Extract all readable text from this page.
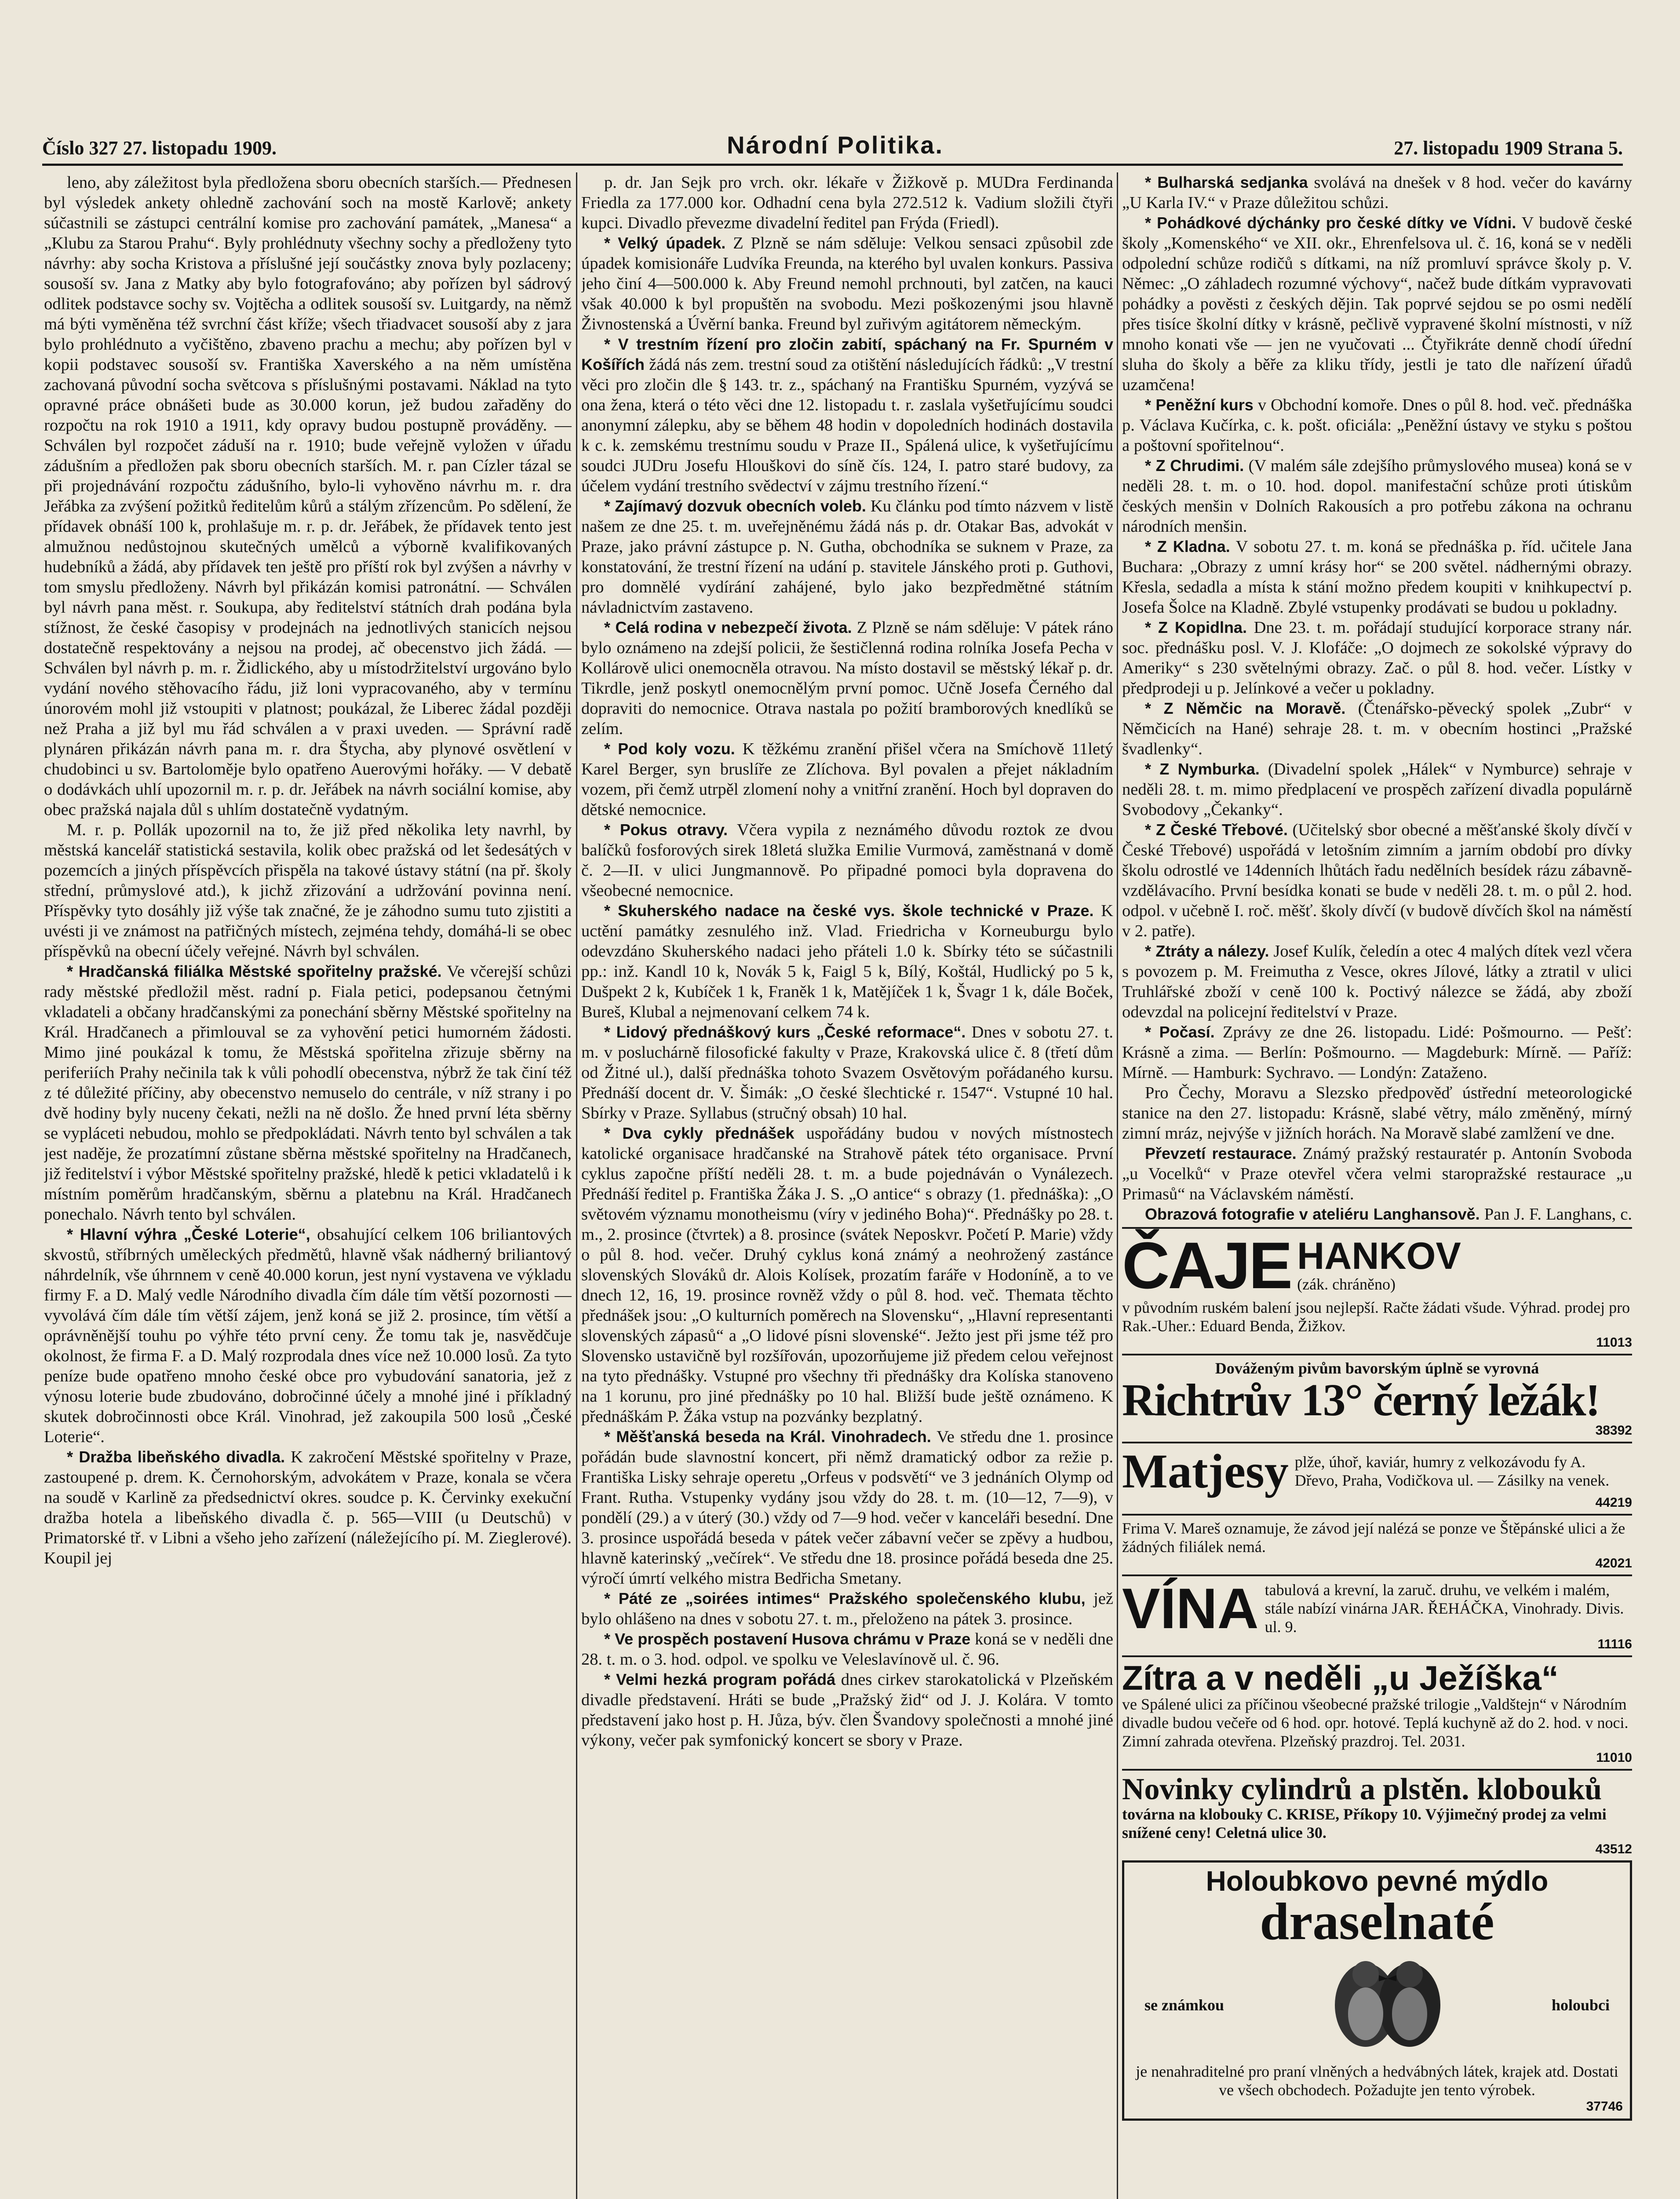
Číslo 327 27. listopadu 1909.	Národní Politika.	27. listopadu 1909 Strana 5.

leno, aby záležitost byla předložena sboru obecních starších.— Přednesen byl výsledek ankety ohledně zachování soch na mostě Karlově; ankety súčastnili se zástupci centrální komise pro zachování památek, „Manesa“ a „Klubu za Starou Prahu“. Byly prohlédnuty všechny sochy a předloženy tyto návrhy: aby socha Kristova a příslušné její součástky znova byly pozlaceny; sousoší sv. Jana z Matky aby bylo fotografováno; aby pořízen byl sádrový odlitek podstavce sochy sv. Vojtěcha a odlitek sousoší sv. Luitgardy, na němž má býti vyměněna též svrchní část kříže; všech třiadvacet sousoší aby z jara bylo prohlédnuto a vyčištěno, zbaveno prachu a mechu; aby pořízen byl v kopii podstavec sousoší sv. Františka Xaverského a na něm umístěna zachovaná původní socha světcova s příslušnými postavami. Náklad na tyto opravné práce obnášeti bude as 30.000 korun, jež budou zařaděny do rozpočtu na rok 1910 a 1911, kdy opravy budou postupně prováděny. — Schválen byl rozpočet záduší na r. 1910; bude veřejně vyložen v úřadu zádušním a předložen pak sboru obecních starších. M. r. pan Cízler tázal se při projednávání rozpočtu zádušního, bylo-li vyhověno návrhu m. r. dra Jeřábka za zvýšení požitků ředitelům kůrů a stálým zřízencům. Po sdělení, že přídavek obnáší 100 k, prohlašuje m. r. p. dr. Jeřábek, že přídavek tento jest almužnou nedůstojnou skutečných umělců a výborně kvalifikovaných hudebníků a žádá, aby přídavek ten ještě pro příští rok byl zvýšen a návrhy v tom smyslu předloženy. Návrh byl přikázán komisi patronátní. — Schválen byl návrh pana měst. r. Soukupa, aby ředitelství státních drah podána byla stížnost, že české časopisy v prodejnách na jednotlivých stanicích nejsou dostatečně respektovány a nejsou na prodej, ač obecenstvo jich žádá. — Schválen byl návrh p. m. r. Židlického, aby u místodržitelství urgováno bylo vydání nového stěhovacího řádu, již loni vypracovaného, aby v termínu únorovém mohl již vstoupiti v platnost; poukázal, že Liberec žádal později než Praha a již byl mu řád schválen a v praxi uveden. — Správní radě plynáren přikázán návrh pana m. r. dra Štycha, aby plynové osvětlení v chudobinci u sv. Bartoloměje bylo opatřeno Auerovými hořáky. — V debatě o dodávkách uhlí upozornil m. r. p. dr. Jeřábek na návrh sociální komise, aby obec pražská najala důl s uhlím dostatečně vydatným.

M. r. p. Pollák upozornil na to, že již před několika lety navrhl, by městská kancelář statistická sestavila, kolik obec pražská od let šedesátých v pozemcích a jiných příspěvcích přispěla na takové ústavy státní (na př. školy střední, průmyslové atd.), k jichž zřizování a udržování povinna není. Příspěvky tyto dosáhly již výše tak značné, že je záhodno sumu tuto zjistiti a uvésti ji ve známost na patřičných místech, zejména tehdy, domáhá-li se obec příspěvků na obecní účely veřejné. Návrh byl schválen.

* Hradčanská filiálka Městské spořitelny pražské. Ve včerejší schůzi rady městské předložil měst. radní p. Fiala petici, podepsanou četnými vkladateli a občany hradčanskými za ponechání sběrny Městské spořitelny na Král. Hradčanech a přimlouval se za vyhovění petici humorném žádosti. Mimo jiné poukázal k tomu, že Městská spořitelna zřizuje sběrny na periferiích Prahy nečinila tak k vůli pohodlí obecenstva, nýbrž že tak činí též z té důležité příčiny, aby obecenstvo nemuselo do centrále, v níž strany i po dvě hodiny byly nuceny čekati, nežli na ně došlo. Že hned první léta sběrny se vypláceti nebudou, mohlo se předpokládati. Návrh tento byl schválen a tak jest naděje, že prozatímní zůstane sběrna městské spořitelny na Hradčanech, již ředitelství i výbor Městské spořitelny pražské, hledě k petici vkladatelů i k místním poměrům hradčanským, sběrnu a platebnu na Král. Hradčanech ponechalo. Návrh tento byl schválen.

* Hlavní výhra „České Loterie“, obsahující celkem 106 briliantových skvostů, stříbrných uměleckých předmětů, hlavně však nádherný briliantový náhrdelník, vše úhrnnem v ceně 40.000 korun, jest nyní vystavena ve výkladu firmy F. a D. Malý vedle Národního divadla čím dále tím větší pozornosti — vyvolává čím dále tím větší zájem, jenž koná se již 2. prosince, tím větší a oprávněnější touhu po výhře této první ceny. Že tomu tak je, nasvědčuje okolnost, že firma F. a D. Malý rozprodala dnes více než 10.000 losů. Za tyto peníze bude opatřeno mnoho české obce pro vybudování sanatoria, jež z výnosu loterie bude zbudováno, dobročinné účely a mnohé jiné i příkladný skutek dobročinnosti obce Král. Vinohrad, jež zakoupila 500 losů „České Loterie“.

* Dražba libeňského divadla. K zakročení Městské spořitelny v Praze, zastoupené p. drem. K. Černohorským, advokátem v Praze, konala se včera na soudě v Karlině za předsednictví okres. soudce p. K. Červinky exekuční dražba hotela a libeňského divadla č. p. 565—VIII (u Deutschů) v Primatorské tř. v Libni a všeho jeho zařízení (náležejícího pí. M. Zieglerové). Koupil jej

p. dr. Jan Sejk pro vrch. okr. lékaře v Žižkově p. MUDra Ferdinanda Friedla za 177.000 kor. Odhadní cena byla 272.512 k. Vadium složili čtyři kupci. Divadlo převezme divadelní ředitel pan Frýda (Friedl).

* Velký úpadek. Z Plzně se nám sděluje: Velkou sensaci způsobil zde úpadek komisionáře Ludvíka Freunda, na kterého byl uvalen konkurs. Passiva jeho činí 4—500.000 k. Aby Freund nemohl prchnouti, byl zatčen, na kauci však 40.000 k byl propuštěn na svobodu. Mezi poškozenými jsou hlavně Živnostenská a Úvěrní banka. Freund byl zuřivým agitátorem německým.

* V trestním řízení pro zločin zabití, spáchaný na Fr. Spurném v Košířích žádá nás zem. trestní soud za otištění následujících řádků: „V trestní věci pro zločin dle § 143. tr. z., spáchaný na Františku Spurném, vyzývá se ona žena, která o této věci dne 12. listopadu t. r. zaslala vyšetřujícímu soudci anonymní zálepku, aby se během 48 hodin v dopoledních hodinách dostavila k c. k. zemskému trestnímu soudu v Praze II., Spálená ulice, k vyšetřujícímu soudci JUDru Josefu Hlouškovi do síně čís. 124, I. patro staré budovy, za účelem vydání trestního svědectví v zájmu trestního řízení.“

* Zajímavý dozvuk obecních voleb. Ku článku pod tímto názvem v listě našem ze dne 25. t. m. uveřejněnému žádá nás p. dr. Otakar Bas, advokát v Praze, jako právní zástupce p. N. Gutha, obchodníka se suknem v Praze, za konstatování, že trestní řízení na udání p. stavitele Jánského proti p. Guthovi, pro domnělé vydírání zahájené, bylo jako bezpředmětné státním návladnictvím zastaveno.

* Celá rodina v nebezpečí života. Z Plzně se nám sděluje: V pátek ráno bylo oznámeno na zdejší policii, že šestičlenná rodina rolníka Josefa Pecha v Kollárově ulici onemocněla otravou. Na místo dostavil se městský lékař p. dr. Tikrdle, jenž poskytl onemocnělým první pomoc. Učně Josefa Černého dal dopraviti do nemocnice. Otrava nastala po požití bramborových knedlíků se zelím.

* Pod koly vozu. K těžkému zranění přišel včera na Smíchově 11letý Karel Berger, syn bruslíře ze Zlíchova. Byl povalen a přejet nákladním vozem, při čemž utrpěl zlomení nohy a vnitřní zranění. Hoch byl dopraven do dětské nemocnice.

* Pokus otravy. Včera vypila z neznámého důvodu roztok ze dvou balíčků fosforových sirek 18letá služka Emilie Vurmová, zaměstnaná v domě č. 2—II. v ulici Jungmannově. Po připadné pomoci byla dopravena do všeobecné nemocnice.

* Skuherského nadace na české vys. škole technické v Praze. K uctění památky zesnulého inž. Vlad. Friedricha v Korneuburgu bylo odevzdáno Skuherského nadaci jeho přáteli 1.0 k. Sbírky této se súčastnili pp.: inž. Kandl 10 k, Novák 5 k, Faigl 5 k, Bílý, Koštál, Hudlický po 5 k, Dušpekt 2 k, Kubíček 1 k, Franěk 1 k, Matějíček 1 k, Švagr 1 k, dále Boček, Bureš, Klubal a nejmenovaní celkem 74 k.

* Lidový přednáškový kurs „České reformace“. Dnes v sobotu 27. t. m. v posluchárně filosofické fakulty v Praze, Krakovská ulice č. 8 (třetí dům od Žitné ul.), další přednáška tohoto Svazem Osvětovým pořádaného kursu. Přednáší docent dr. V. Šimák: „O české šlechtické r. 1547“. Vstupné 10 hal. Sbírky v Praze. Syllabus (stručný obsah) 10 hal.

* Dva cykly přednášek uspořádány budou v nových místnostech katolické organisace hradčanské na Strahově pátek této organisace. První cyklus započne příští neděli 28. t. m. a bude pojednáván o Vynálezech. Přednáší ředitel p. Františka Žáka J. S. „O antice“ s obrazy (1. přednáška): „O světovém významu monotheismu (víry v jediného Boha)“. Přednášky po 28. t. m., 2. prosince (čtvrtek) a 8. prosince (svátek Neposkvr. Početí P. Marie) vždy o půl 8. hod. večer. Druhý cyklus koná známý a neohrožený zastánce slovenských Slováků dr. Alois Kolísek, prozatím faráře v Hodoníně, a to ve dnech 12, 16, 19. prosince rovněž vždy o půl 8. hod. več. Themata těchto přednášek jsou: „O kulturních poměrech na Slovensku“, „Hlavní representanti slovenských zápasů“ a „O lidové písni slovenské“. Ježto jest při jsme též pro Slovensko ustavičně byl rozšířován, upozorňujeme již předem celou veřejnost na tyto přednášky. Vstupné pro všechny tři přednášky dra Kolíska stanoveno na 1 korunu, pro jiné přednášky po 10 hal. Bližší bude ještě oznámeno. K přednáškám P. Žáka vstup na pozvánky bezplatný.

* Měšťanská beseda na Král. Vinohradech. Ve středu dne 1. prosince pořádán bude slavnostní koncert, při němž dramatický odbor za režie p. Františka Lisky sehraje operetu „Orfeus v podsvětí“ ve 3 jednáních Olymp od Frant. Rutha. Vstupenky vydány jsou vždy do 28. t. m. (10—12, 7—9), v pondělí (29.) a v úterý (30.) vždy od 7—9 hod. večer v kanceláři besední. Dne 3. prosince uspořádá beseda v pátek večer zábavní večer se zpěvy a hudbou, hlavně katerinský „večírek“. Ve středu dne 18. prosince pořádá beseda dne 25. výročí úmrtí velkého mistra Bedřicha Smetany.

* Páté ze „soirées intimes“ Pražského společenského klubu, jež bylo ohlášeno na dnes v sobotu 27. t. m., přeloženo na pátek 3. prosince.

* Ve prospěch postavení Husova chrámu v Praze koná se v neděli dne 28. t. m. o 3. hod. odpol. ve spolku ve Veleslavínově ul. č. 96.

* Velmi hezká program pořádá dnes cirkev starokatolická v Plzeňském divadle představení. Hráti se bude „Pražský žid“ od J. J. Kolára. V tomto představení jako host p. H. Jůza, býv. člen Švandovy společnosti a mnohé jiné výkony, večer pak symfonický koncert se sbory v Praze.

* Bulharská sedjanka svolává na dnešek v 8 hod. večer do kavárny „U Karla IV.“ v Praze důležitou schůzi.

* Pohádkové dýchánky pro české dítky ve Vídni. V budově české školy „Komenského“ ve XII. okr., Ehrenfelsova ul. č. 16, koná se v neděli odpolední schůze rodičů s dítkami, na níž promluví správce školy p. V. Němec: „O záhladech rozumné výchovy“, načež bude dítkám vypravovati pohádky a pověsti z českých dějin. Tak poprvé sejdou se po osmi nedělí přes tisíce školní dítky v krásně, pečlivě vypravené školní místnosti, v níž mnoho konati vše — jen ne vyučovati ... Čtyřikráte denně chodí úřední sluha do školy a běře za kliku třídy, jestli je tato dle nařízení úřadů uzamčena!

* Peněžní kurs v Obchodní komoře. Dnes o půl 8. hod. več. přednáška p. Václava Kučírka, c. k. pošt. oficiála: „Peněžní ústavy ve styku s poštou a poštovní spořitelnou“.

* Z Chrudimi. (V malém sále zdejšího průmyslového musea) koná se v neděli 28. t. m. o 10. hod. dopol. manifestační schůze proti útiskům českých menšin v Dolních Rakousích a pro potřebu zákona na ochranu národních menšin.

* Z Kladna. V sobotu 27. t. m. koná se přednáška p. říd. učitele Jana Buchara: „Obrazy z umní krásy hor“ se 200 světel. nádhernými obrazy. Křesla, sedadla a místa k stání možno předem koupiti v knihkupectví p. Josefa Šolce na Kladně. Zbylé vstupenky prodávati se budou u pokladny.

* Z Kopidlna. Dne 23. t. m. pořádají studující korporace strany nár. soc. přednášku posl. V. J. Klofáče: „O dojmech ze sokolské výpravy do Ameriky“ s 230 světelnými obrazy. Zač. o půl 8. hod. večer. Lístky v předprodeji u p. Jelínkové a večer u pokladny.

* Z Němčic na Moravě. (Čtenářsko-pěvecký spolek „Zubr“ v Němčicích na Hané) sehraje 28. t. m. v obecním hostinci „Pražské švadlenky“.

* Z Nymburka. (Divadelní spolek „Hálek“ v Nymburce) sehraje v neděli 28. t. m. mimo předplacení ve prospěch zařízení divadla populárně Svobodovy „Čekanky“.

* Z České Třebové. (Učitelský sbor obecné a měšťanské školy dívčí v České Třebové) uspořádá v letošním zimním a jarním období pro dívky školu odrostlé ve 14denních lhůtách řadu nedělních besídek rázu zábavně-vzdělávacího. První besídka konati se bude v neděli 28. t. m. o půl 2. hod. odpol. v učebně I. roč. měšť. školy dívčí (v budově dívčích škol na náměstí v 2. patře).

* Ztráty a nálezy. Josef Kulík, čeledín a otec 4 malých dítek vezl včera s povozem p. M. Freimutha z Vesce, okres Jílové, látky a ztratil v ulici Truhlářské zboží v ceně 100 k. Poctivý nálezce se žádá, aby zboží odevzdal na policejní ředitelství v Praze.

* Počasí. Zprávy ze dne 26. listopadu. Lidé: Pošmourno. — Pešť: Krásně a zima. — Berlín: Pošmourno. — Magdeburk: Mírně. — Paříž: Mírně. — Hamburk: Sychravo. — Londýn: Zataženo.

Pro Čechy, Moravu a Slezsko předpověď ústřední meteorologické stanice na den 27. listopadu: Krásně, slabé větry, málo změněný, mírný zimní mráz, nejvýše v jižních horách. Na Moravě slabé zamlžení ve dne.

Převzetí restaurace. Známý pražský restauratér p. Antonín Svoboda „u Vocelků“ v Praze otevřel včera velmi staropražské restaurace „u Primasů“ na Václavském náměstí.

Obrazová fotografie v ateliéru Langhansově. Pan J. F. Langhans, c.

ČAJE HANKOV
(zák. chráněno)
v původním ruském balení jsou nejlepší. Račte žádati všude. Výhrad. prodej pro Rak.-Uher.: Eduard Benda, Žižkov.
11013
Dováženým pivům bavorským úplně se vyrovná
Richtrův 13° černý ležák!
38392
Matjesy plže, úhoř, kaviár, humry z velkozávodu fy A. Dřevo, Praha, Vodičkova ul. — Zásilky na venek.
44219
Frima V. Mareš oznamuje, že závod její nalézá se ponze ve Štěpánské ulici a že žádných filiálek nemá.
42021
VÍNA tabulová a krevní, la zaruč. druhu, ve velkém i malém, stále nabízí vinárna JAR. ŘEHÁČKA, Vinohrady. Divis. ul. 9.
11116
Zítra a v neděli „u Ježíška“
ve Spálené ulici za příčinou všeobecné pražské trilogie „Valdštejn“ v Národním divadle budou večeře od 6 hod. opr. hotové. Teplá kuchyně až do 2. hod. v noci. Zimní zahrada otevřena. Plzeňský prazdroj. Tel. 2031.
11010
Novinky cylindrů a plstěn. klobouků
továrna na klobouky C. KRISE, Příkopy 10. Výjimečný prodej za velmi snížené ceny! Celetná ulice 30.
43512
Holoubkovo pevné mýdlo
draselnaté
se známkou	holoubci
je nenahraditelné pro praní vlněných a hedvábných látek, krajek atd. Dostati ve všech obchodech. Požadujte jen tento výrobek.
37746
